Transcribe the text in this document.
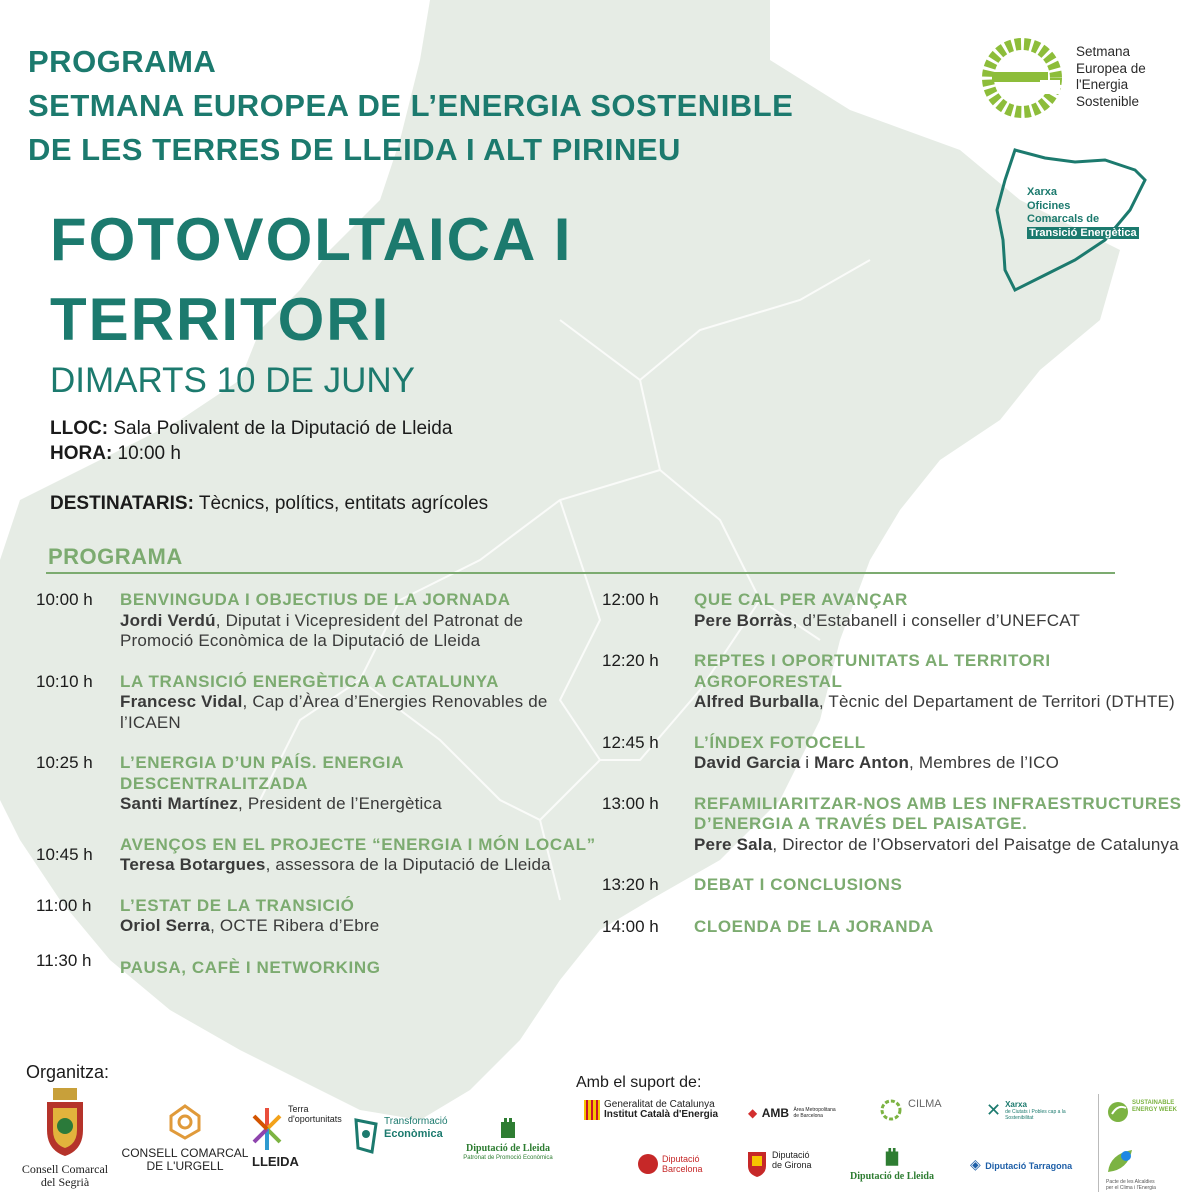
PROGRAMA
SETMANA EUROPEA DE L’ENERGIA SOSTENIBLE
DE LES TERRES DE LLEIDA I ALT PIRINEU
Setmana
Europea de
l'Energia
Sostenible
Xarxa
Oficines
Comarcals de
Transició Energètica
FOTOVOLTAICA I
TERRITORI
DIMARTS 10 DE JUNY
LLOC: Sala Polivalent de la Diputació de Lleida
HORA: 10:00 h
DESTINATARIS: Tècnics, polítics, entitats agrícoles
PROGRAMA
10:00 h	BENVINGUDA I OBJECTIUS DE LA JORNADA
Jordi Verdú, Diputat i Vicepresident del Patronat de Promoció Econòmica de la Diputació de Lleida
10:10 h	LA TRANSICIÓ ENERGÈTICA A CATALUNYA
Francesc Vidal, Cap d’Àrea d’Energies Renovables de l’ICAEN
10:25 h	L’ENERGIA D’UN PAÍS. ENERGIA DESCENTRALITZADA
Santi Martínez, President de l’Energètica
10:45 h
AVENÇOS EN EL PROJECTE “ENERGIA I MÓN LOCAL”
Teresa Botargues, assessora de la Diputació de Lleida
11:00 h	L’ESTAT DE LA TRANSICIÓ
Oriol Serra, OCTE Ribera d’Ebre
11:30 h	PAUSA, CAFÈ I NETWORKING
12:00 h	QUE CAL PER AVANÇAR
Pere Borràs, d’Estabanell i conseller d’UNEFCAT
12:20 h	REPTES I OPORTUNITATS AL TERRITORI AGROFORESTAL
Alfred Burballa, Tècnic del Departament de Territori (DTHTE)
12:45 h	L’ÍNDEX FOTOCELL
David Garcia i Marc Anton, Membres de l’ICO
13:00 h	REFAMILIARITZAR-NOS AMB LES INFRAESTRUCTURES D’ENERGIA A TRAVÉS DEL PAISATGE.
Pere Sala, Director de l’Observatori del Paisatge de Catalunya
13:20 h	DEBAT I CONCLUSIONS
14:00 h	CLOENDA DE LA JORANDA
Organitza:
Consell Comarcal
del Segrià
CONSELL COMARCAL
DE L'URGELL
Terra
d'oportunitats
LLEIDA
Transformació
Econòmica
Diputació de Lleida
Patronat de Promoció Econòmica
Amb el suport de:
Generalitat de Catalunya
Institut Català d'Energia	◆ AMB Àrea Metropolitana de Barcelona
CILMA	✕ Xarxa
de Ciutats i Pobles cap a la Sostenibilitat
Diputació
Barcelona
Diputació
de Girona
Diputació de Lleida
◈ Diputació Tarragona
SUSTAINABLE
ENERGY WEEK
Pacte de les Alcaldies
per el Clima i l'Energia
